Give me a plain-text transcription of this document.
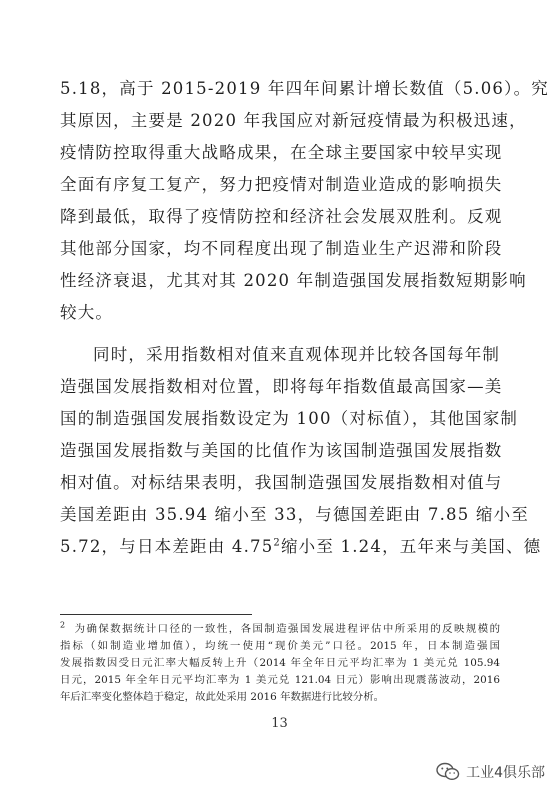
5.18，高于 2015-2019 年四年间累计增长数值（5.06）。究
其原因，主要是 2020 年我国应对新冠疫情最为积极迅速，
疫情防控取得重大战略成果，在全球主要国家中较早实现
全面有序复工复产，努力把疫情对制造业造成的影响损失
降到最低，取得了疫情防控和经济社会发展双胜利。反观
其他部分国家，均不同程度出现了制造业生产迟滞和阶段
性经济衰退，尤其对其 2020 年制造强国发展指数短期影响
较大。
同时，采用指数相对值来直观体现并比较各国每年制
造强国发展指数相对位置，即将每年指数值最高国家—美
国的制造强国发展指数设定为 100（对标值），其他国家制
造强国发展指数与美国的比值作为该国制造强国发展指数
相对值。对标结果表明，我国制造强国发展指数相对值与
美国差距由 35.94 缩小至 33，与德国差距由 7.85 缩小至
5.72，与日本差距由 4.75$^2$缩小至 1.24，五年来与美国、德
$^2$ 为确保数据统计口径的一致性，各国制造强国发展进程评估中所采用的反映规模的
指标（如制造业增加值），均统一使用“现价美元”口径。2015 年，日本制造强国
发展指数因受日元汇率大幅反转上升（2014 年全年日元平均汇率为 1 美元兑 105.94
日元，2015 年全年日元平均汇率为 1 美元兑 121.04 日元）影响出现震荡波动，2016
年后汇率变化整体趋于稳定，故此处采用 2016 年数据进行比较分析。
13
工业4俱乐部
